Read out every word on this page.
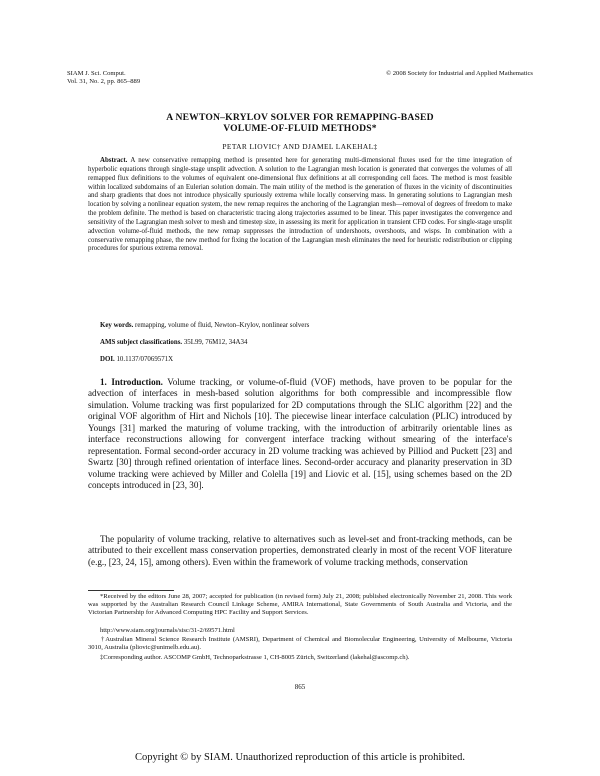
SIAM J. Sci. Comput.
Vol. 31, No. 2, pp. 865–889
© 2008 Society for Industrial and Applied Mathematics
A NEWTON–KRYLOV SOLVER FOR REMAPPING-BASED
VOLUME-OF-FLUID METHODS*
PETAR LIOVIC† AND DJAMEL LAKEHAL‡
Abstract. A new conservative remapping method is presented here for generating multi-dimensional fluxes used for the time integration of hyperbolic equations through single-stage unsplit advection. A solution to the Lagrangian mesh location is generated that converges the volumes of all remapped flux definitions to the volumes of equivalent one-dimensional flux definitions at all corresponding cell faces. The method is most feasible within localized subdomains of an Eulerian solution domain. The main utility of the method is the generation of fluxes in the vicinity of discontinuities and sharp gradients that does not introduce physically spuriously extrema while locally conserving mass. In generating solutions to Lagrangian mesh location by solving a nonlinear equation system, the new remap requires the anchoring of the Lagrangian mesh—removal of degrees of freedom to make the problem definite. The method is based on characteristic tracing along trajectories assumed to be linear. This paper investigates the convergence and sensitivity of the Lagrangian mesh solver to mesh and timestep size, in assessing its merit for application in transient CFD codes. For single-stage unsplit advection volume-of-fluid methods, the new remap suppresses the introduction of undershoots, overshoots, and wisps. In combination with a conservative remapping phase, the new method for fixing the location of the Lagrangian mesh eliminates the need for heuristic redistribution or clipping procedures for spurious extrema removal.
Key words. remapping, volume of fluid, Newton–Krylov, nonlinear solvers
AMS subject classifications. 35L99, 76M12, 34A34
DOI. 10.1137/07069571X
1. Introduction. Volume tracking, or volume-of-fluid (VOF) methods, have proven to be popular for the advection of interfaces in mesh-based solution algorithms for both compressible and incompressible flow simulation. Volume tracking was first popularized for 2D computations through the SLIC algorithm [22] and the original VOF algorithm of Hirt and Nichols [10]. The piecewise linear interface calculation (PLIC) introduced by Youngs [31] marked the maturing of volume tracking, with the introduction of arbitrarily orientable lines as interface reconstructions allowing for convergent interface tracking without smearing of the interface's representation. Formal second-order accuracy in 2D volume tracking was achieved by Pilliod and Puckett [23] and Swartz [30] through refined orientation of interface lines. Second-order accuracy and planarity preservation in 3D volume tracking were achieved by Miller and Colella [19] and Liovic et al. [15], using schemes based on the 2D concepts introduced in [23, 30].
The popularity of volume tracking, relative to alternatives such as level-set and front-tracking methods, can be attributed to their excellent mass conservation properties, demonstrated clearly in most of the recent VOF literature (e.g., [23, 24, 15], among others). Even within the framework of volume tracking methods, conservation
*Received by the editors June 28, 2007; accepted for publication (in revised form) July 21, 2008; published electronically November 21, 2008. This work was supported by the Australian Research Council Linkage Scheme, AMIRA International, State Governments of South Australia and Victoria, and the Victorian Partnership for Advanced Computing HPC Facility and Support Services.
http://www.siam.org/journals/sisc/31-2/69571.html
†Australian Mineral Science Research Institute (AMSRI), Department of Chemical and Biomolecular Engineering, University of Melbourne, Victoria 3010, Australia (pliovic@unimelb.edu.au).
‡Corresponding author. ASCOMP GmbH, Technoparkstrasse 1, CH-8005 Zürich, Switzerland (lakehal@ascomp.ch).
865
Copyright © by SIAM. Unauthorized reproduction of this article is prohibited.
